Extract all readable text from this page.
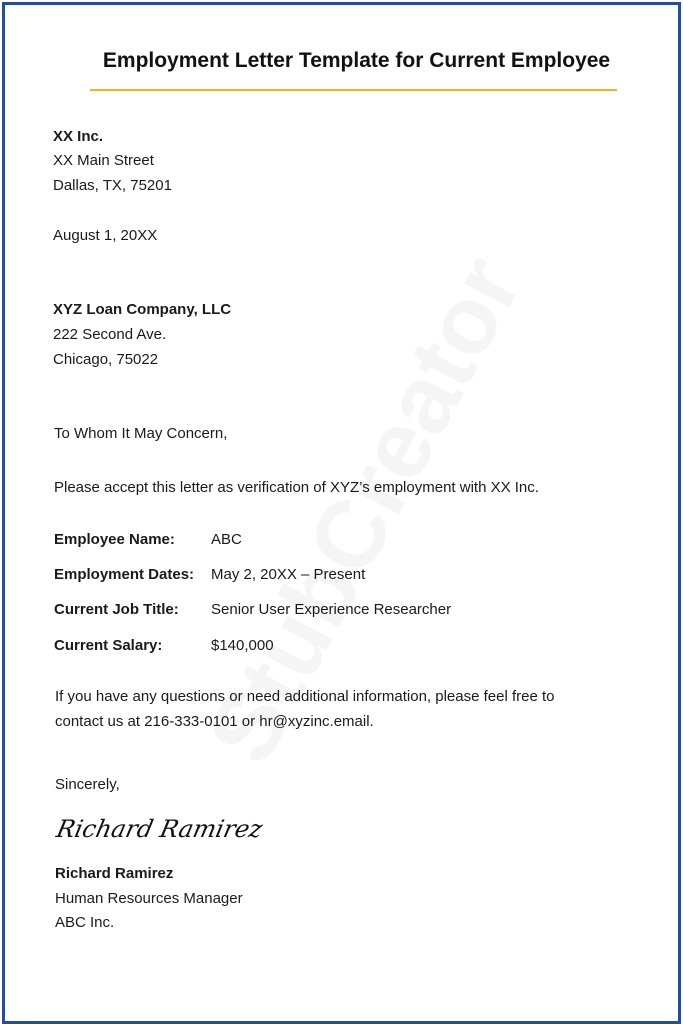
Employment Letter Template for Current Employee
XX Inc.
XX Main Street
Dallas, TX, 75201
August 1, 20XX
XYZ Loan Company, LLC
222 Second Ave.
Chicago, 75022
To Whom It May Concern,
Please accept this letter as verification of XYZ’s employment with XX Inc.
Employee Name: ABC
Employment Dates: May 2, 20XX – Present
Current Job Title: Senior User Experience Researcher
Current Salary:	$140,000
If you have any questions or need additional information, please feel free to
contact us at 216-333-0101 or hr@xyzinc.email.
Sincerely,
Richard Ramirez
Richard Ramirez
Human Resources Manager
ABC Inc.
